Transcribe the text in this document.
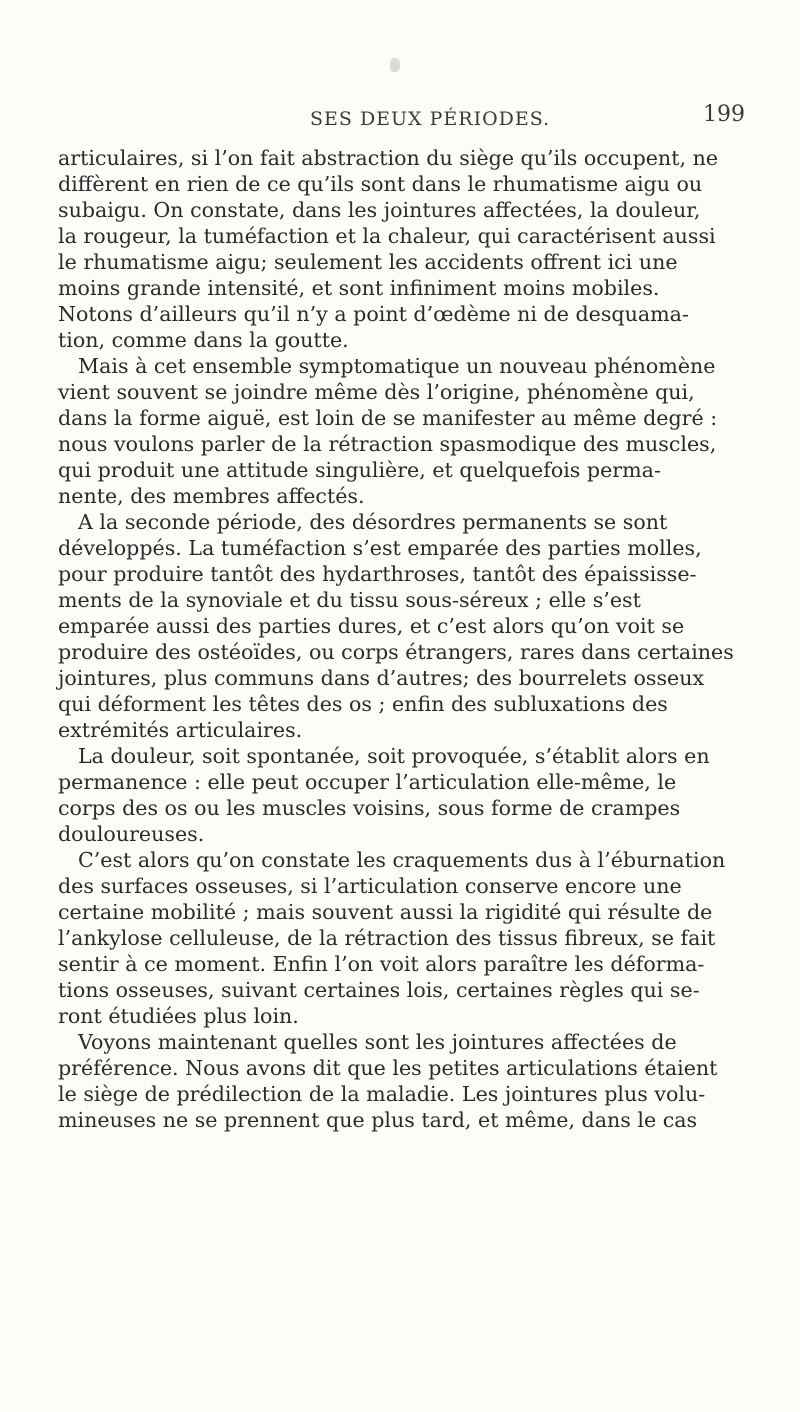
SES DEUX PÉRIODES.	199
articulaires, si l’on fait abstraction du siège qu’ils occupent, ne
diffèrent en rien de ce qu’ils sont dans le rhumatisme aigu ou
subaigu. On constate, dans les jointures affectées, la douleur,
la rougeur, la tuméfaction et la chaleur, qui caractérisent aussi
le rhumatisme aigu; seulement les accidents offrent ici une
moins grande intensité, et sont infiniment moins mobiles.
Notons d’ailleurs qu’il n’y a point d’œdème ni de desquama-
tion, comme dans la goutte.
Mais à cet ensemble symptomatique un nouveau phénomène
vient souvent se joindre même dès l’origine, phénomène qui,
dans la forme aiguë, est loin de se manifester au même degré :
nous voulons parler de la rétraction spasmodique des muscles,
qui produit une attitude singulière, et quelquefois perma-
nente, des membres affectés.
A la seconde période, des désordres permanents se sont
développés. La tuméfaction s’est emparée des parties molles,
pour produire tantôt des hydarthroses, tantôt des épaississe-
ments de la synoviale et du tissu sous-séreux ; elle s’est
emparée aussi des parties dures, et c’est alors qu’on voit se
produire des ostéoïdes, ou corps étrangers, rares dans certaines
jointures, plus communs dans d’autres; des bourrelets osseux
qui déforment les têtes des os ; enfin des subluxations des
extrémités articulaires.
La douleur, soit spontanée, soit provoquée, s’établit alors en
permanence : elle peut occuper l’articulation elle-même, le
corps des os ou les muscles voisins, sous forme de crampes
douloureuses.
C’est alors qu’on constate les craquements dus à l’éburnation
des surfaces osseuses, si l’articulation conserve encore une
certaine mobilité ; mais souvent aussi la rigidité qui résulte de
l’ankylose celluleuse, de la rétraction des tissus fibreux, se fait
sentir à ce moment. Enfin l’on voit alors paraître les déforma-
tions osseuses, suivant certaines lois, certaines règles qui se-
ront étudiées plus loin.
Voyons maintenant quelles sont les jointures affectées de
préférence. Nous avons dit que les petites articulations étaient
le siège de prédilection de la maladie. Les jointures plus volu-
mineuses ne se prennent que plus tard, et même, dans le cas
